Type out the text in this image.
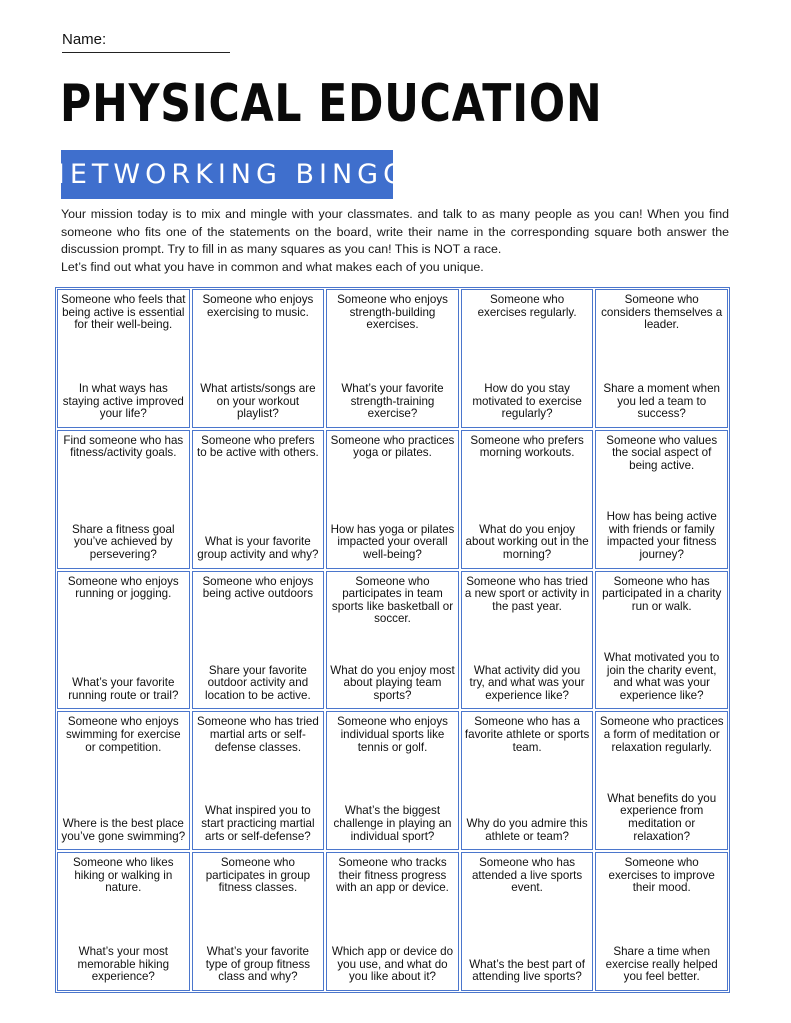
Name:
PHYSICAL EDUCATION
NETWORKING BINGO

Your mission today is to mix and mingle with your classmates. and talk to as many people as you can! When you find someone who fits one of the statements on the board, write their name in the corresponding square both answer the discussion prompt. Try to fill in as many squares as you can! This is NOT a race.

Let’s find out what you have in common and what makes each of you unique.

Someone who feels that being active is essential for their well-being.
In what ways has staying active improved your life?
Someone who enjoys exercising to music.
What artists/songs are on your workout playlist?
Someone who enjoys strength-building exercises.
What’s your favorite strength-training exercise?
Someone who exercises regularly.
How do you stay motivated to exercise regularly?
Someone who considers themselves a leader.
Share a moment when you led a team to success?
Find someone who has fitness/activity goals.
Share a fitness goal you’ve achieved by persevering?
Someone who prefers to be active with others.
What is your favorite group activity and why?
Someone who practices yoga or pilates.
How has yoga or pilates impacted your overall well-being?
Someone who prefers morning workouts.
What do you enjoy about working out in the morning?
Someone who values the social aspect of being active.
How has being active with friends or family impacted your fitness journey?
Someone who enjoys running or jogging.
What’s your favorite running route or trail?
Someone who enjoys being active outdoors
Share your favorite outdoor activity and location to be active.
Someone who participates in team sports like basketball or soccer.
What do you enjoy most about playing team sports?
Someone who has tried a new sport or activity in the past year.
What activity did you try, and what was your experience like?
Someone who has participated in a charity run or walk.
What motivated you to join the charity event, and what was your experience like?
Someone who enjoys swimming for exercise or competition.
Where is the best place you’ve gone swimming?
Someone who has tried martial arts or self-defense classes.
What inspired you to start practicing martial arts or self-defense?
Someone who enjoys individual sports like tennis or golf.
What’s the biggest challenge in playing an individual sport?
Someone who has a favorite athlete or sports team.
Why do you admire this athlete or team?
Someone who practices a form of meditation or relaxation regularly.
What benefits do you experience from meditation or relaxation?
Someone who likes hiking or walking in nature.
What’s your most memorable hiking experience?
Someone who participates in group fitness classes.
What’s your favorite type of group fitness class and why?
Someone who tracks their fitness progress with an app or device.
Which app or device do you use, and what do you like about it?
Someone who has attended a live sports event.
What’s the best part of attending live sports?
Someone who exercises to improve their mood.
Share a time when exercise really helped you feel better.
